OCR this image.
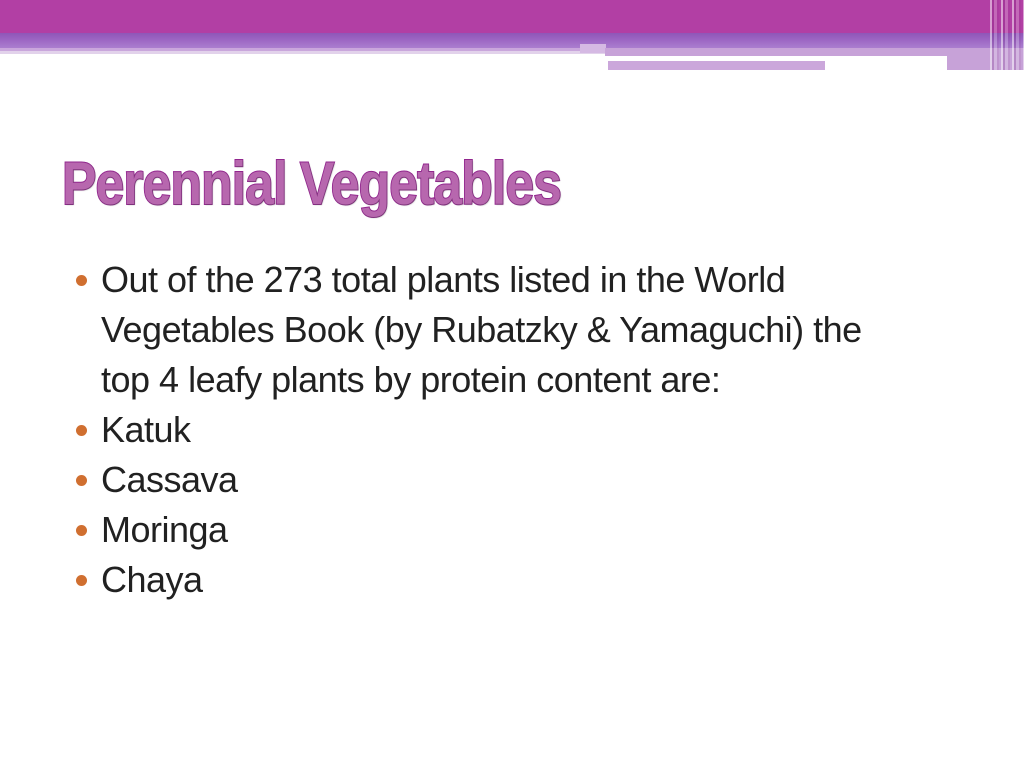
Perennial Vegetables
Out of the 273 total plants listed in the World Vegetables Book (by Rubatzky & Yamaguchi) the top 4 leafy plants by protein content are:
Katuk
Cassava
Moringa
Chaya
